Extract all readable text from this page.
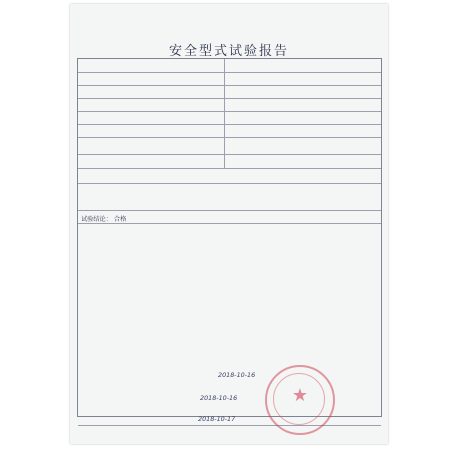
安全型式试验报告
试验结论： 合格
2018-10-16
2018-10-16
2018-10-17
★
